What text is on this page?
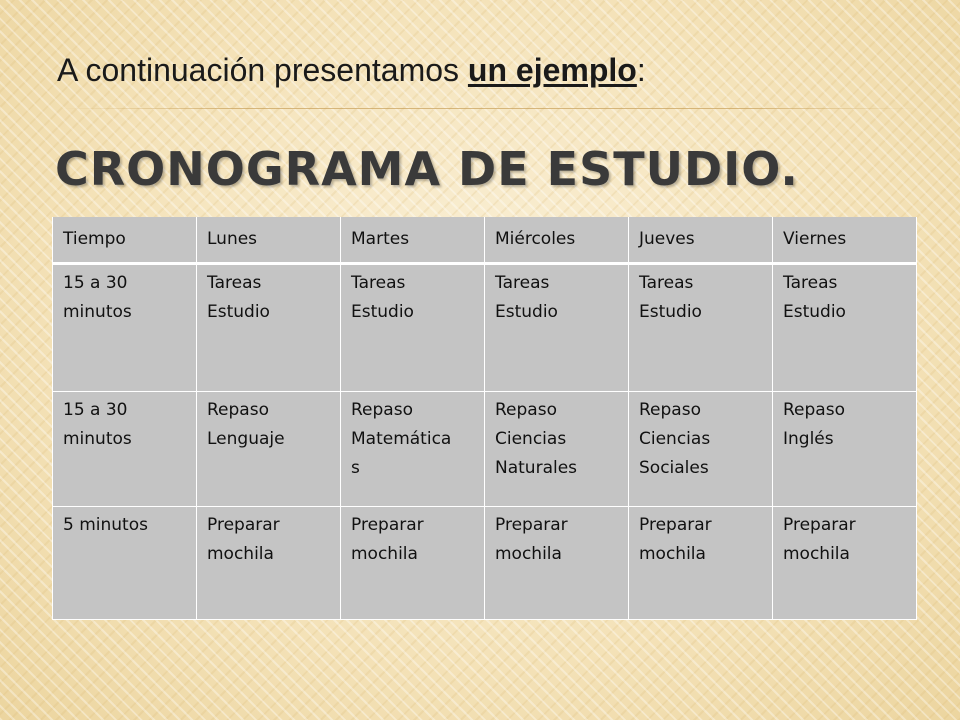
A continuación presentamos un ejemplo:
CRONOGRAMA DE ESTUDIO.
Tiempo	Lunes	Martes	Miércoles	Jueves	Viernes

15 a 30
minutos	Tareas
Estudio	Tareas
Estudio	Tareas
Estudio	Tareas
Estudio	Tareas
Estudio

15 a 30
minutos	Repaso
Lenguaje	Repaso
Matemática
s	Repaso
Ciencias
Naturales	Repaso
Ciencias
Sociales	Repaso
Inglés

5 minutos	Preparar
mochila	Preparar
mochila	Preparar
mochila	Preparar
mochila	Preparar
mochila
